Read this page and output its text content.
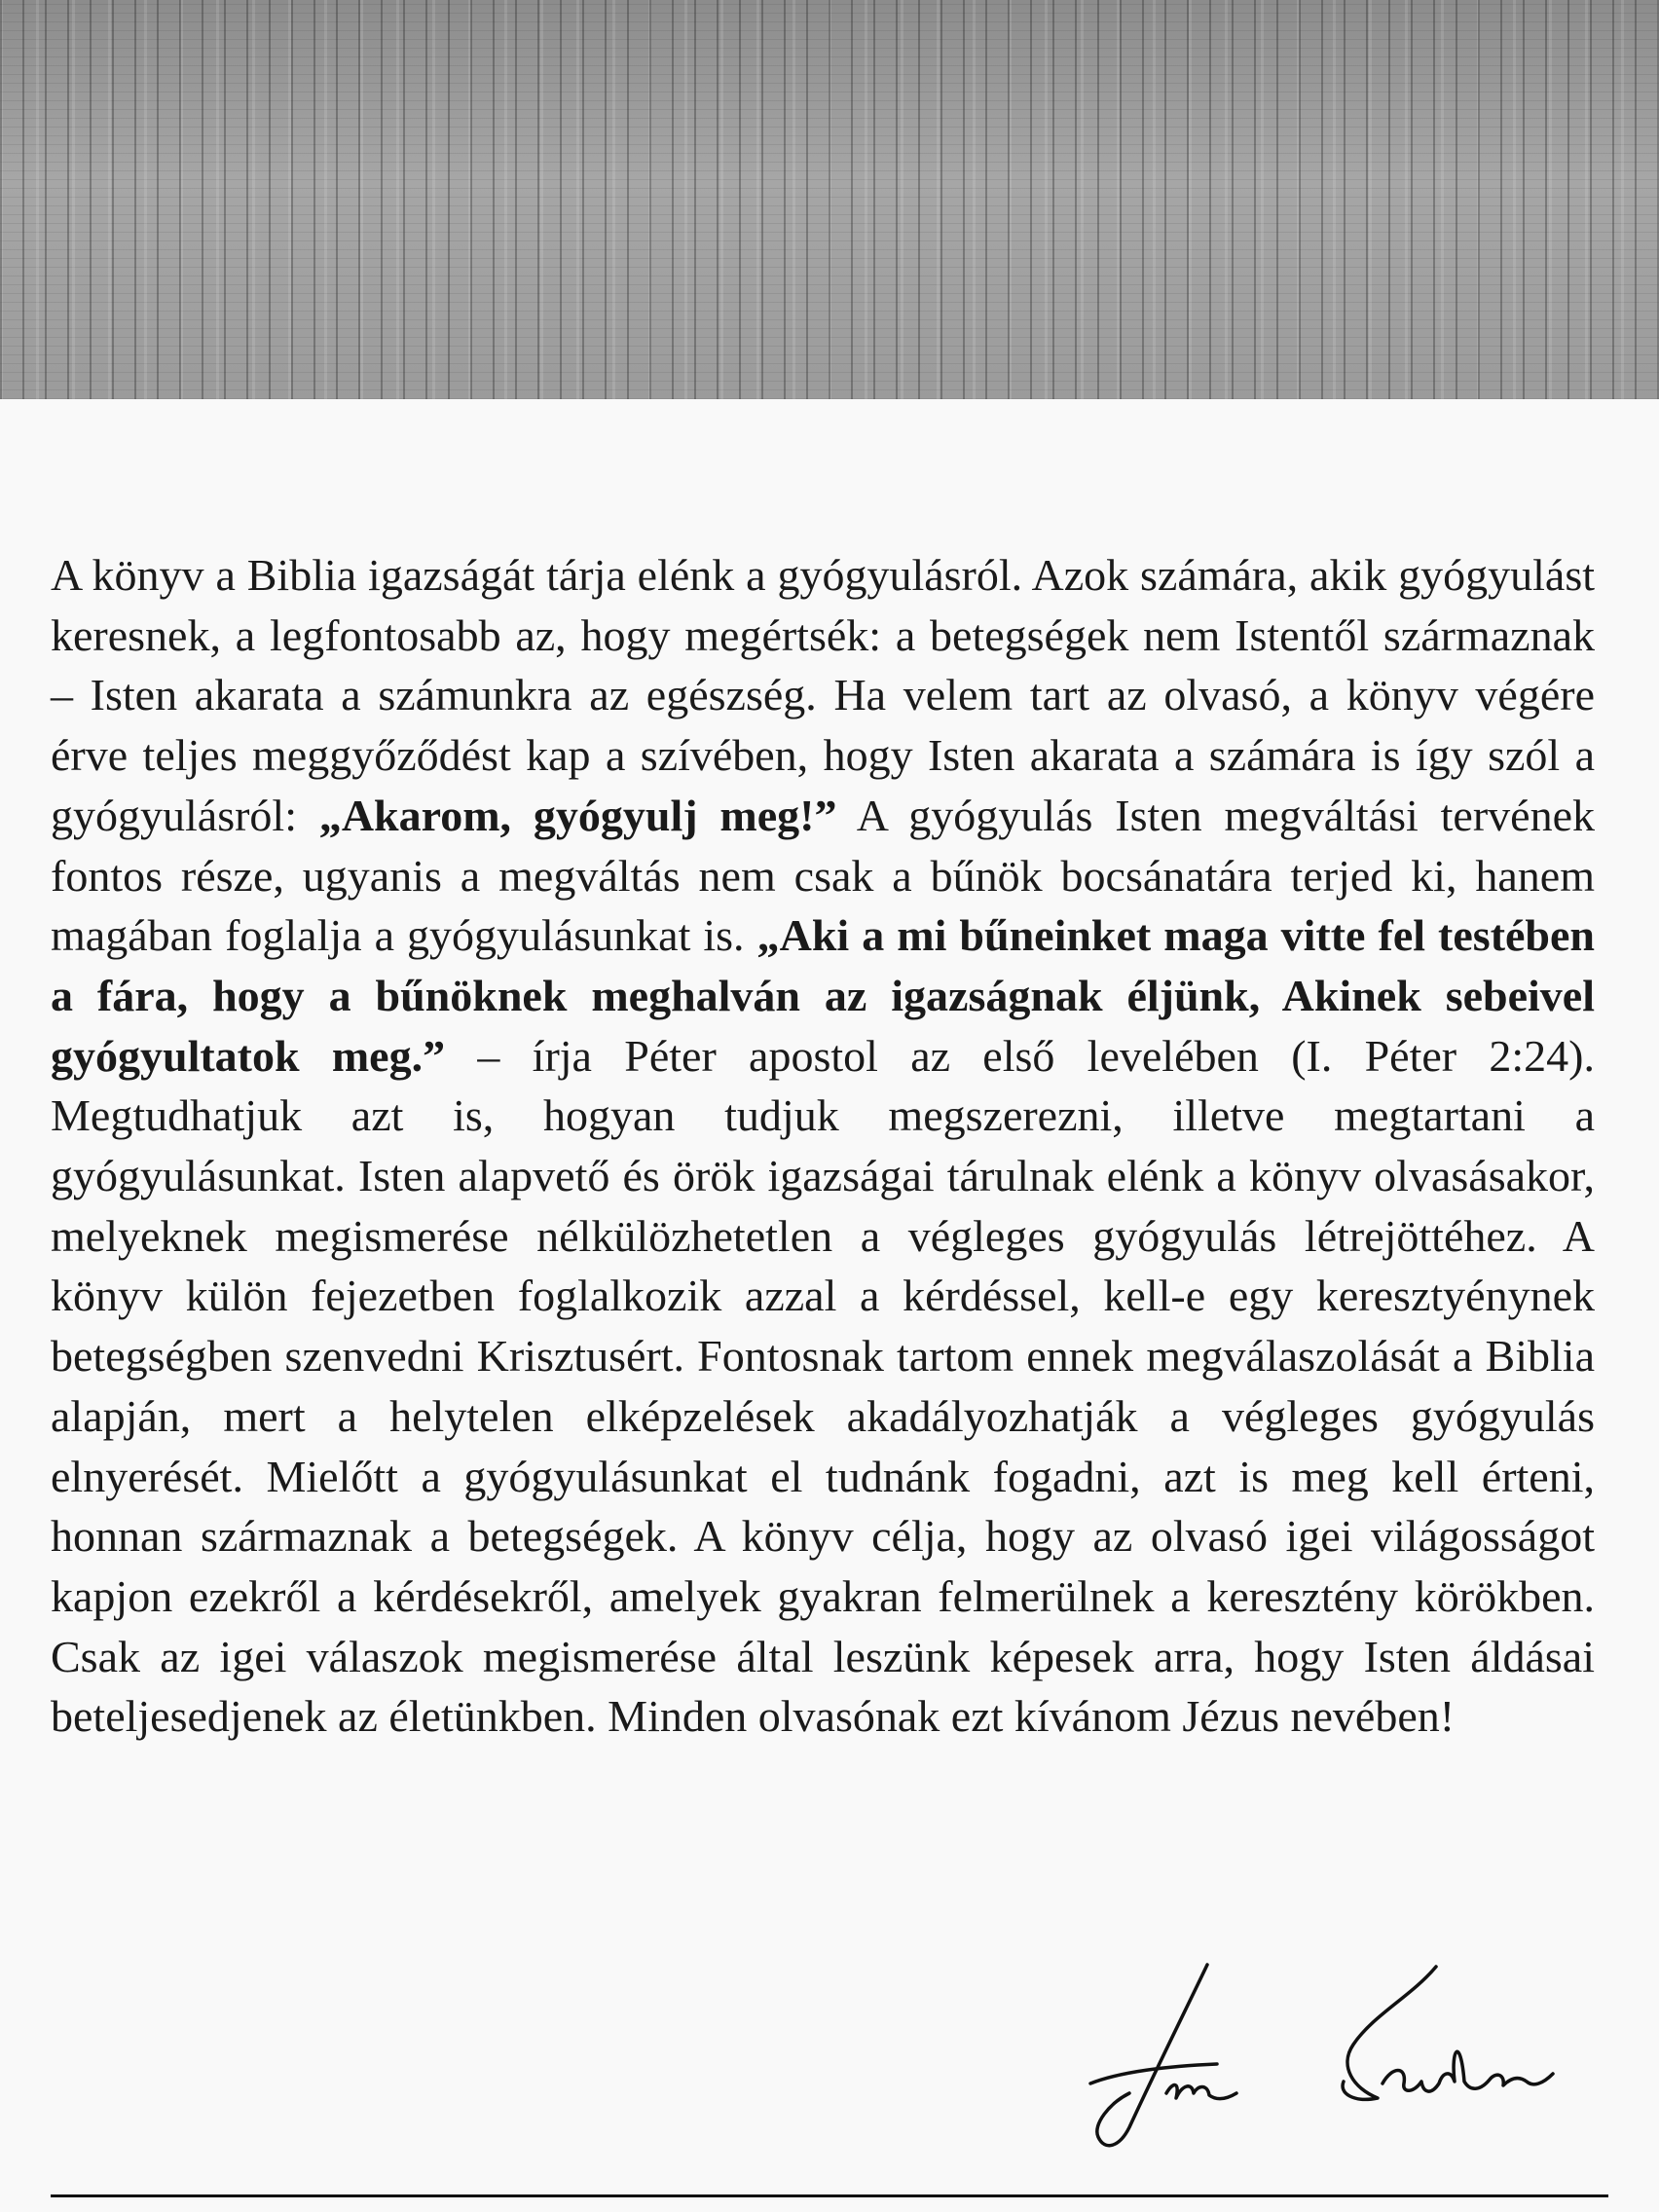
A könyv a Biblia igazságát tárja elénk a gyógyulásról. Azok számára, akik gyógyulást keresnek, a legfontosabb az, hogy megértsék: a betegségek nem Istentől származnak – Isten akarata a számunkra az egészség. Ha velem tart az olvasó, a könyv végére érve teljes meggyőződést kap a szívében, hogy Isten akarata a számára is így szól a gyógyulásról: „Akarom, gyógyulj meg!” A gyógyulás Isten megváltási tervének fontos része, ugyanis a megváltás nem csak a bűnök bocsánatára terjed ki, hanem magában foglalja a gyógyulásunkat is. „Aki a mi bűneinket maga vitte fel testében a fára, hogy a bűnöknek meghalván az igazságnak éljünk, Akinek sebeivel gyógyultatok meg.” – írja Péter apostol az első levelében (I. Péter 2:24). Megtudhatjuk azt is, hogyan tudjuk megszerezni, illetve megtartani a gyógyulásunkat. Isten alapvető és örök igazságai tárulnak elénk a könyv olvasásakor, melyeknek megismerése nélkülözhetetlen a végleges gyógyulás létrejöttéhez. A könyv külön fejezetben foglalkozik azzal a kérdéssel, kell-e egy keresztyénynek betegségben szenvedni Krisztusért. Fontosnak tartom ennek megválaszolását a Biblia alapján, mert a helytelen elképzelések akadályozhatják a végleges gyógyulás elnyerését. Mielőtt a gyógyulásunkat el tudnánk fogadni, azt is meg kell érteni, honnan származnak a betegségek. A könyv célja, hogy az olvasó igei világosságot kapjon ezekről a kérdésekről, amelyek gyakran felmerülnek a keresztény körökben. Csak az igei válaszok megismerése által leszünk képesek arra, hogy Isten áldásai beteljesedjenek az életünkben. Minden olvasónak ezt kívánom Jézus nevében!
